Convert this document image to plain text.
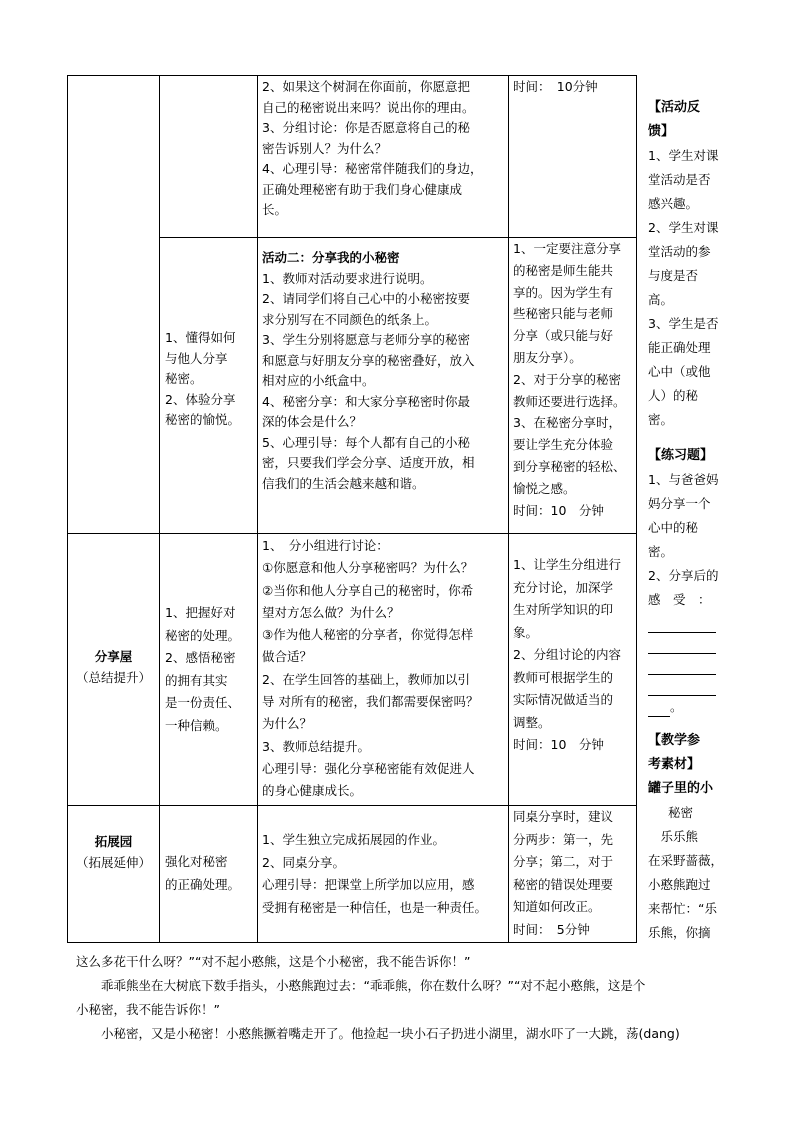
2、如果这个树洞在你面前，你愿意把

自己的秘密说出来吗？说出你的理由。

3、分组讨论：你是否愿意将自己的秘

密告诉别人？为什么？

4、心理引导：秘密常伴随我们的身边，

正确处理秘密有助于我们身心健康成

长。

时间：　10分钟

1、懂得如何

与他人分享

秘密。

2、体验分享

秘密的愉悦。

活动二：分享我的小秘密

1、教师对活动要求进行说明。

2、请同学们将自己心中的小秘密按要

求分别写在不同颜色的纸条上。

3、学生分别将愿意与老师分享的秘密

和愿意与好朋友分享的秘密叠好，放入

相对应的小纸盒中。

4、秘密分享：和大家分享秘密时你最

深的体会是什么？

5、心理引导：每个人都有自己的小秘

密，只要我们学会分享、适度开放，相

信我们的生活会越来越和谐。

1、一定要注意分享

的秘密是师生能共

享的。因为学生有

些秘密只能与老师

分享（或只能与好

朋友分享）。

2、对于分享的秘密

教师还要进行选择。

3、在秘密分享时，

要让学生充分体验

到分享秘密的轻松、

愉悦之感。

时间：10　分钟

分享屋

（总结提升）

1、把握好对

秘密的处理。

2、感悟秘密

的拥有其实

是一份责任、

一种信赖。

1、　分小组进行讨论：

①你愿意和他人分享秘密吗？为什么？

②当你和他人分享自己的秘密时，你希

望对方怎么做？为什么？

③作为他人秘密的分享者，你觉得怎样

做合适？

2、在学生回答的基础上，教师加以引

导 对所有的秘密，我们都需要保密吗？

为什么？

3、教师总结提升。

心理引导：强化分享秘密能有效促进人

的身心健康成长。

1、让学生分组进行

充分讨论，加深学

生对所学知识的印

象。

2、分组讨论的内容

教师可根据学生的

实际情况做适当的

调整。

时间：10　分钟

拓展园

（拓展延伸）	强化对秘密

的正确处理。

1、学生独立完成拓展园的作业。

2、同桌分享。

心理引导：把课堂上所学加以应用，感

受拥有秘密是一种信任，也是一种责任。

同桌分享时，建议

分两步：第一，先

分享；第二，对于

秘密的错误处理要

知道如何改正。

时间：　5分钟

【活动反

馈】

1、学生对课

堂活动是否

感兴趣。

2、学生对课

堂活动的参

与度是否

高。

3、学生是否

能正确处理

心中（或他

人）的秘

密。

【练习题】

1、与爸爸妈

妈分享一个

心中的秘

密。

2、分享后的

感　受　：

。

【教学参

考素材】

罐子里的小

秘密

　乐乐熊

在采野蔷薇，

小憨熊跑过

来帮忙：“乐

乐熊，你摘

这么多花干什么呀？”“对不起小憨熊，这是个小秘密，我不能告诉你！”

　　乖乖熊坐在大树底下数手指头，小憨熊跑过去：“乖乖熊，你在数什么呀？”“对不起小憨熊，这是个

小秘密，我不能告诉你！”

　　小秘密，又是小秘密！小憨熊撅着嘴走开了。他捡起一块小石子扔进小湖里，湖水吓了一大跳，荡(dang)
